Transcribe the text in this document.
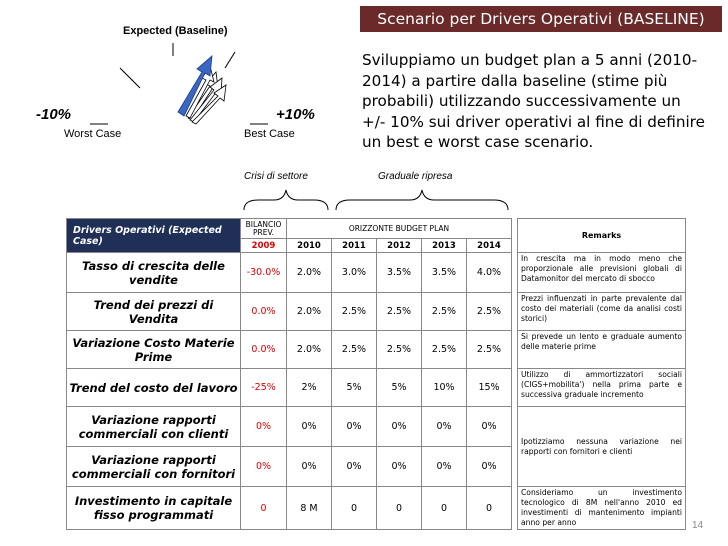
Scenario per Drivers Operativi (BASELINE)
Sviluppiamo un budget plan a 5 anni (2010-2014) a partire dalla baseline (stime più probabili) utilizzando successivamente un +/- 10% sui driver operativi al fine di definire un best e worst case scenario.
Expected (Baseline)
-10%	+10%
Worst Case	Best Case
Crisi di settore	Graduale ripresa
Drivers Operativi (Expected Case)	BILANCIO PREV.	ORIZZONTE BUDGET PLAN						Remarks
	2009	2010	2011	2012	2013	2014		
Tasso di crescita delle vendite	-30.0%	2.0%	3.0%	3.5%	3.5%	4.0%		In crescita ma in modo meno che proporzionale alle previsioni globali di Datamonitor del mercato di sbocco
Trend dei prezzi di Vendita	0.0%	2.0%	2.5%	2.5%	2.5%	2.5%		Prezzi influenzati in parte prevalente dal costo dei materiali (come da analisi costi storici)
Variazione Costo Materie Prime	0.0%	2.0%	2.5%	2.5%	2.5%	2.5%		Si prevede un lento e graduale aumento delle materie prime
Trend del costo del lavoro	-25%	2%	5%	5%	10%	15%		Utilizzo di ammortizzatori sociali (CIGS+mobilita') nella prima parte e successiva graduale incremento
Variazione rapporti commerciali con clienti	0%	0%	0%	0%	0%	0%		Ipotizziamo nessuna variazione nei rapporti con fornitori e clienti
Variazione rapporti commerciali con fornitori	0%	0%	0%	0%	0%	0%		
Investimento in capitale fisso programmati	0	8 M	0	0	0	0		Consideriamo un investimento tecnologico di 8M nell'anno 2010 ed investimenti di mantenimento impianti anno per anno	14
